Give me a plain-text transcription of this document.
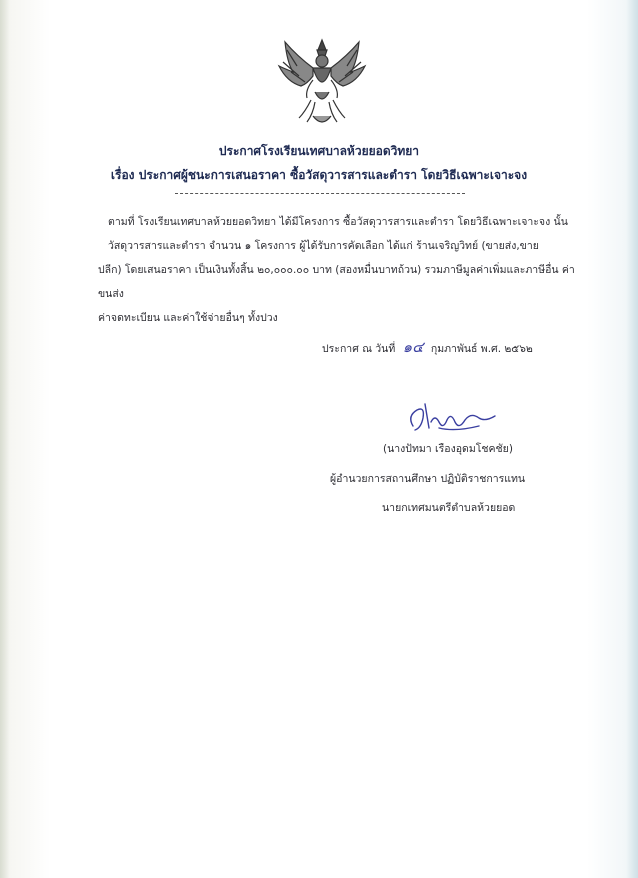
ประกาศโรงเรียนเทศบาลห้วยยอดวิทยา
เรื่อง ประกาศผู้ชนะการเสนอราคา ซื้อวัสดุวารสารและตำรา โดยวิธีเฉพาะเจาะจง

ตามที่ โรงเรียนเทศบาลห้วยยอดวิทยา ได้มีโครงการ ซื้อวัสดุวารสารและตำรา โดยวิธีเฉพาะเจาะจง นั้น

วัสดุวารสารและตำรา จำนวน ๑ โครงการ ผู้ได้รับการคัดเลือก ได้แก่ ร้านเจริญวิทย์ (ขายส่ง,ขาย

ปลีก) โดยเสนอราคา เป็นเงินทั้งสิ้น ๒๐,๐๐๐.๐๐ บาท (สองหมื่นบาทถ้วน) รวมภาษีมูลค่าเพิ่มและภาษีอื่น ค่าขนส่ง

ค่าจดทะเบียน และค่าใช้จ่ายอื่นๆ ทั้งปวง

ประกาศ ณ วันที่ ๑๔ กุมภาพันธ์ พ.ศ. ๒๕๖๒
(นางปัทมา เรืองอุดมโชคชัย)
ผู้อำนวยการสถานศึกษา ปฏิบัติราชการแทน
นายกเทศมนตรีตำบลห้วยยอด
